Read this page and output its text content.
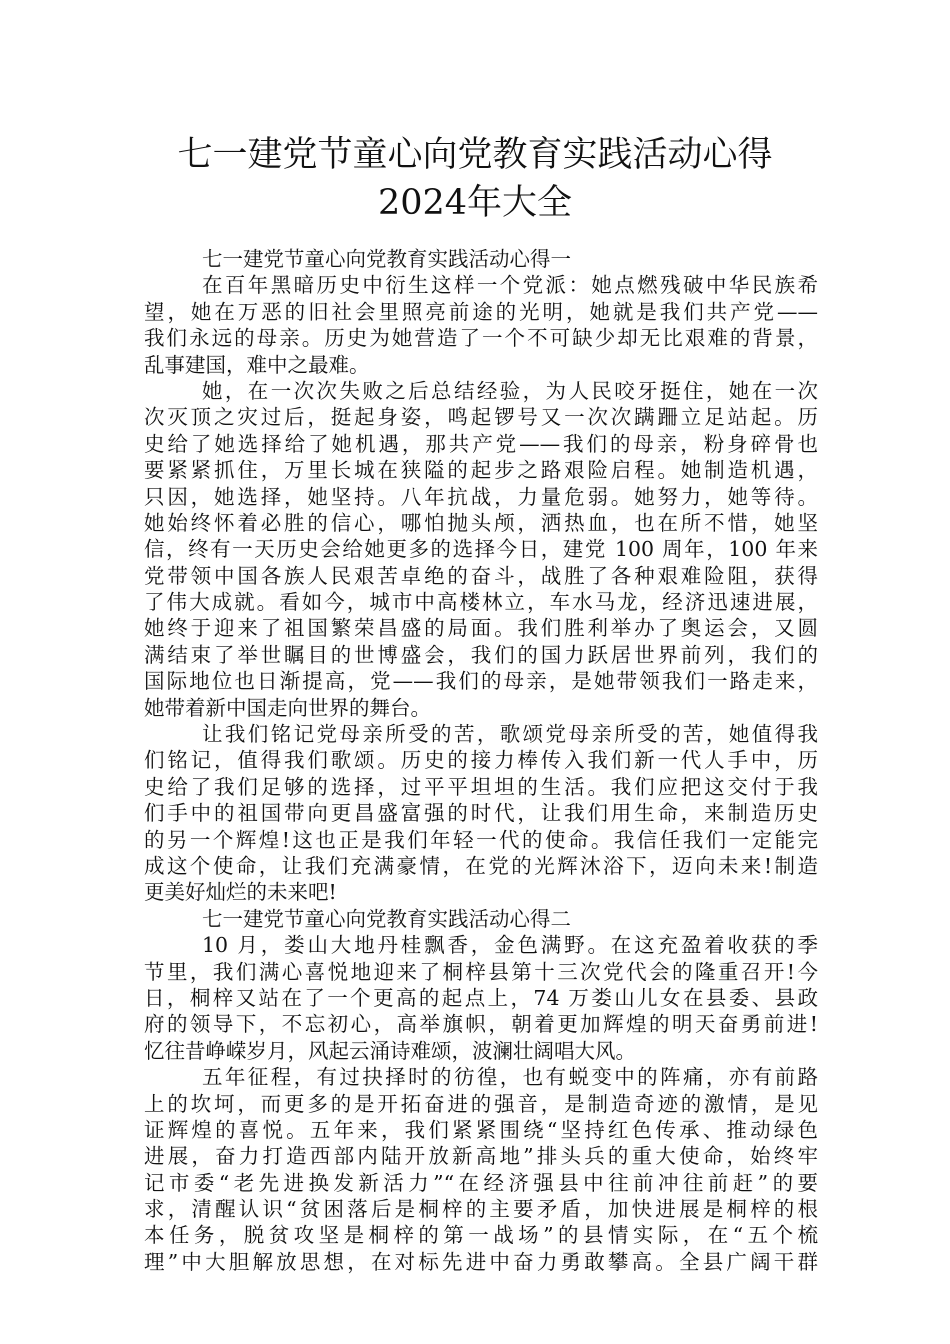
七一建党节童心向党教育实践活动心得
2024年大全
七一建党节童心向党教育实践活动心得一
在百年黑暗历史中衍生这样一个党派：她点燃残破中华民族希
望，她在万恶的旧社会里照亮前途的光明，她就是我们共产党——
我们永远的母亲。历史为她营造了一个不可缺少却无比艰难的背景，
乱事建国，难中之最难。
她，在一次次失败之后总结经验，为人民咬牙挺住，她在一次
次灭顶之灾过后，挺起身姿，鸣起锣号又一次次蹒跚立足站起。历
史给了她选择给了她机遇，那共产党——我们的母亲，粉身碎骨也
要紧紧抓住，万里长城在狭隘的起步之路艰险启程。她制造机遇，
只因，她选择，她坚持。八年抗战，力量危弱。她努力，她等待。
她始终怀着必胜的信心，哪怕抛头颅，洒热血，也在所不惜，她坚
信，终有一天历史会给她更多的选择今日，建党 100 周年，100 年来
党带领中国各族人民艰苦卓绝的奋斗，战胜了各种艰难险阻，获得
了伟大成就。看如今，城市中高楼林立，车水马龙，经济迅速进展，
她终于迎来了祖国繁荣昌盛的局面。我们胜利举办了奥运会，又圆
满结束了举世瞩目的世博盛会，我们的国力跃居世界前列，我们的
国际地位也日渐提高，党——我们的母亲，是她带领我们一路走来，
她带着新中国走向世界的舞台。
让我们铭记党母亲所受的苦，歌颂党母亲所受的苦，她值得我
们铭记，值得我们歌颂。历史的接力棒传入我们新一代人手中，历
史给了我们足够的选择，过平平坦坦的生活。我们应把这交付于我
们手中的祖国带向更昌盛富强的时代，让我们用生命，来制造历史
的另一个辉煌!这也正是我们年轻一代的使命。我信任我们一定能完
成这个使命，让我们充满豪情，在党的光辉沐浴下，迈向未来!制造
更美好灿烂的未来吧!
七一建党节童心向党教育实践活动心得二
10 月，娄山大地丹桂飘香，金色满野。在这充盈着收获的季
节里，我们满心喜悦地迎来了桐梓县第十三次党代会的隆重召开!今
日，桐梓又站在了一个更高的起点上，74 万娄山儿女在县委、县政
府的领导下，不忘初心，高举旗帜，朝着更加辉煌的明天奋勇前进!
忆往昔峥嵘岁月，风起云涌诗难颂，波澜壮阔唱大风。
五年征程，有过抉择时的彷徨，也有蜕变中的阵痛，亦有前路
上的坎坷，而更多的是开拓奋进的强音，是制造奇迹的激情，是见
证辉煌的喜悦。五年来，我们紧紧围绕“坚持红色传承、推动绿色
进展，奋力打造西部内陆开放新高地”排头兵的重大使命，始终牢
记市委“老先进换发新活力”“在经济强县中往前冲往前赶”的要
求，清醒认识“贫困落后是桐梓的主要矛盾，加快进展是桐梓的根
本任务，脱贫攻坚是桐梓的第一战场”的县情实际，在“五个梳
理”中大胆解放思想，在对标先进中奋力勇敢攀高。全县广阔干群
